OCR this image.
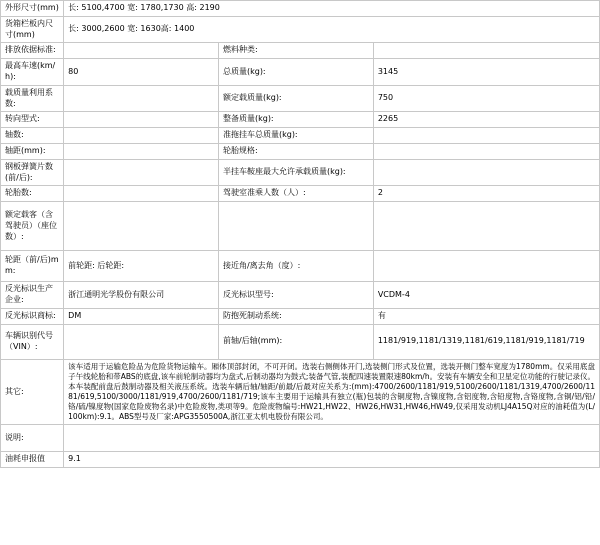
外形尺寸(mm)	长: 5100,4700 宽: 1780,1730 高: 2190		
货箱栏板内尺寸(mm)	长: 3000,2600 宽: 1630高: 1400		
排放依据标准:		燃料种类:	
最高车速(km/h):	80	总质量(kg):	3145
载质量利用系数:		额定载质量(kg):	750
转向型式:		整备质量(kg):	2265
轴数:		准拖挂车总质量(kg):	
轴距(mm):		轮胎规格:	
钢板弹簧片数(前/后):		半挂车鞍座最大允许承载质量(kg):	
轮胎数:		驾驶室准乘人数（人）:	2
额定载客（含驾驶员）（座位数）:			
轮距（前/后)mm:	前轮距: 后轮距:	接近角/离去角（度）:	
反光标识生产企业:	浙江通明光学股份有限公司	反光标识型号:	VCDM-4
反光标识商标:	DM	防抱死制动系统:	有
车辆识别代号（VIN）:		前轴/后轴(mm):	1181/919,1181/1319,1181/619,1181/919,1181/719
其它:	该车适用于运输危险品为危险货物运输车。厢体顶部封闭，不可开闭。选装右侧侧体开门,选装侧门形式及位置，选装开侧门整车宽度为1780mm。仅采用底盘子午线轮胎和带ABS的底盘,该车前轮制动器均为盘式,后制动器均为鼓式;装备气管,装配四速装置限速80km/h。安装有车辆安全和卫星定位功能的行驶记录仪。本车装配前盘后鼓制动器及相关液压系统。选装车辆后轴/轴距/前最/后最对应关系为:(mm):4700/2600/1181/919,5100/2600/1181/1319,4700/2600/1181/619,5100/3000/1181/919,4700/2600/1181/719;该车主要用于运输具有独立(瓶)包装的含铜度物,含镍度物,含铝度物,含铅度物,含铬度物,含铜/铝/铅/铬/硫/镍度物(国家危险废物名录)中危险废物,类项等9。危险废物编号:HW21,HW22、HW26,HW31,HW46,HW49,仅采用发动机LJ4A15Q对应的油耗值为(L/100km):9.1。ABS型号及厂家:APG3550500A,浙江亚太机电股份有限公司。		
说明:			
油耗申报值	9.1		
